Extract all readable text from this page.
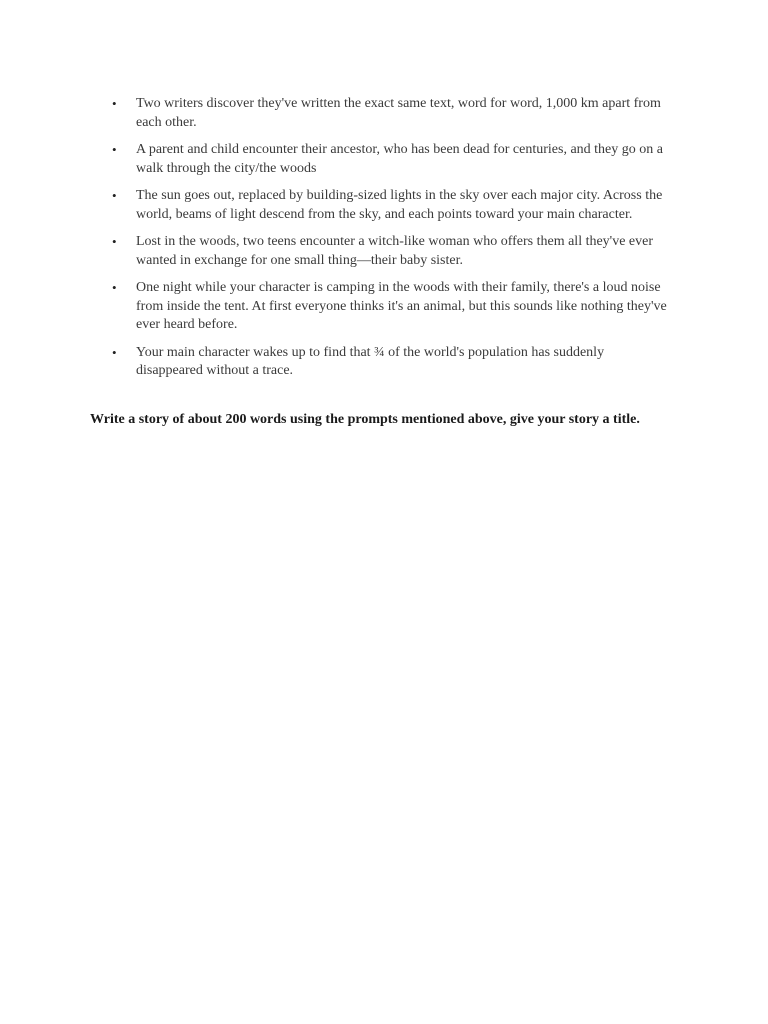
•	Two writers discover they've written the exact same text, word for word, 1,000 km apart from each other.
•	A parent and child encounter their ancestor, who has been dead for centuries, and they go on a walk through the city/the woods
•	The sun goes out, replaced by building-sized lights in the sky over each major city. Across the world, beams of light descend from the sky, and each points toward your main character.
•	Lost in the woods, two teens encounter a witch-like woman who offers them all they've ever wanted in exchange for one small thing—their baby sister.
•	One night while your character is camping in the woods with their family, there's a loud noise from inside the tent. At first everyone thinks it's an animal, but this sounds like nothing they've ever heard before.
•	Your main character wakes up to find that ¾ of the world's population has suddenly disappeared without a trace.

Write a story of about 200 words using the prompts mentioned above, give your story a title.
